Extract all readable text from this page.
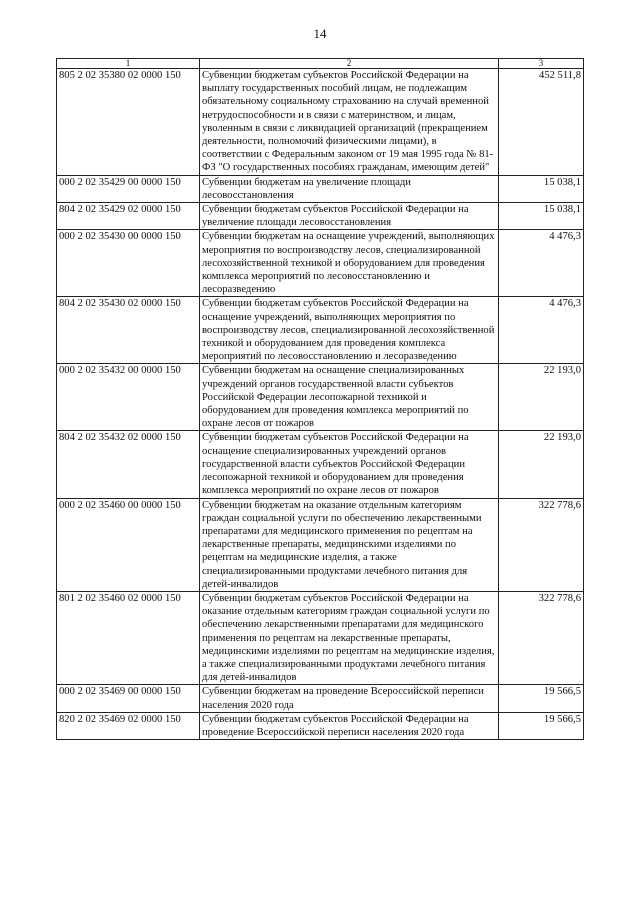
14
1	2	3
805 2 02 35380 02 0000 150	Субвенции бюджетам субъектов Российской Федерации на выплату государственных пособий лицам, не подлежащим обязательному социальному страхованию на случай временной нетрудоспособности и в связи с материнством, и лицам, уволенным в связи с ликвидацией организаций (прекращением деятельности, полномочий физическими лицами), в соответствии с Федеральным законом от 19 мая 1995 года № 81-ФЗ "О государственных пособиях гражданам, имеющим детей"	452 511,8
000 2 02 35429 00 0000 150	Субвенции бюджетам на увеличение площади лесовосстановления	15 038,1
804 2 02 35429 02 0000 150	Субвенции бюджетам субъектов Российской Федерации на увеличение площади лесовосстановления	15 038,1
000 2 02 35430 00 0000 150	Субвенции бюджетам на оснащение учреждений, выполняющих мероприятия по воспроизводству лесов, специализированной лесохозяйственной техникой и оборудованием для проведения комплекса мероприятий по лесовосстановлению и лесоразведению	4 476,3
804 2 02 35430 02 0000 150	Субвенции бюджетам субъектов Российской Федерации на оснащение учреждений, выполняющих мероприятия по воспроизводству лесов, специализированной лесохозяйственной техникой и оборудованием для проведения комплекса мероприятий по лесовосстановлению и лесоразведению	4 476,3
000 2 02 35432 00 0000 150	Субвенции бюджетам на оснащение специализированных учреждений органов государственной власти субъектов Российской Федерации лесопожарной техникой и оборудованием для проведения комплекса мероприятий по охране лесов от пожаров	22 193,0
804 2 02 35432 02 0000 150	Субвенции бюджетам субъектов Российской Федерации на оснащение специализированных учреждений органов государственной власти субъектов Российской Федерации лесопожарной техникой и оборудованием для проведения комплекса мероприятий по охране лесов от пожаров	22 193,0
000 2 02 35460 00 0000 150	Субвенции бюджетам на оказание отдельным категориям граждан социальной услуги по обеспечению лекарственными препаратами для медицинского применения по рецептам на лекарственные препараты, медицинскими изделиями по рецептам на медицинские изделия, а также специализированными продуктами лечебного питания для детей-инвалидов	322 778,6
801 2 02 35460 02 0000 150	Субвенции бюджетам субъектов Российской Федерации на оказание отдельным категориям граждан социальной услуги по обеспечению лекарственными препаратами для медицинского применения по рецептам на лекарственные препараты, медицинскими изделиями по рецептам на медицинские изделия, а также специализированными продуктами лечебного питания для детей-инвалидов	322 778,6
000 2 02 35469 00 0000 150	Субвенции бюджетам на проведение Всероссийской переписи населения 2020 года	19 566,5
820 2 02 35469 02 0000 150	Субвенции бюджетам субъектов Российской Федерации на проведение Всероссийской переписи населения 2020 года	19 566,5
